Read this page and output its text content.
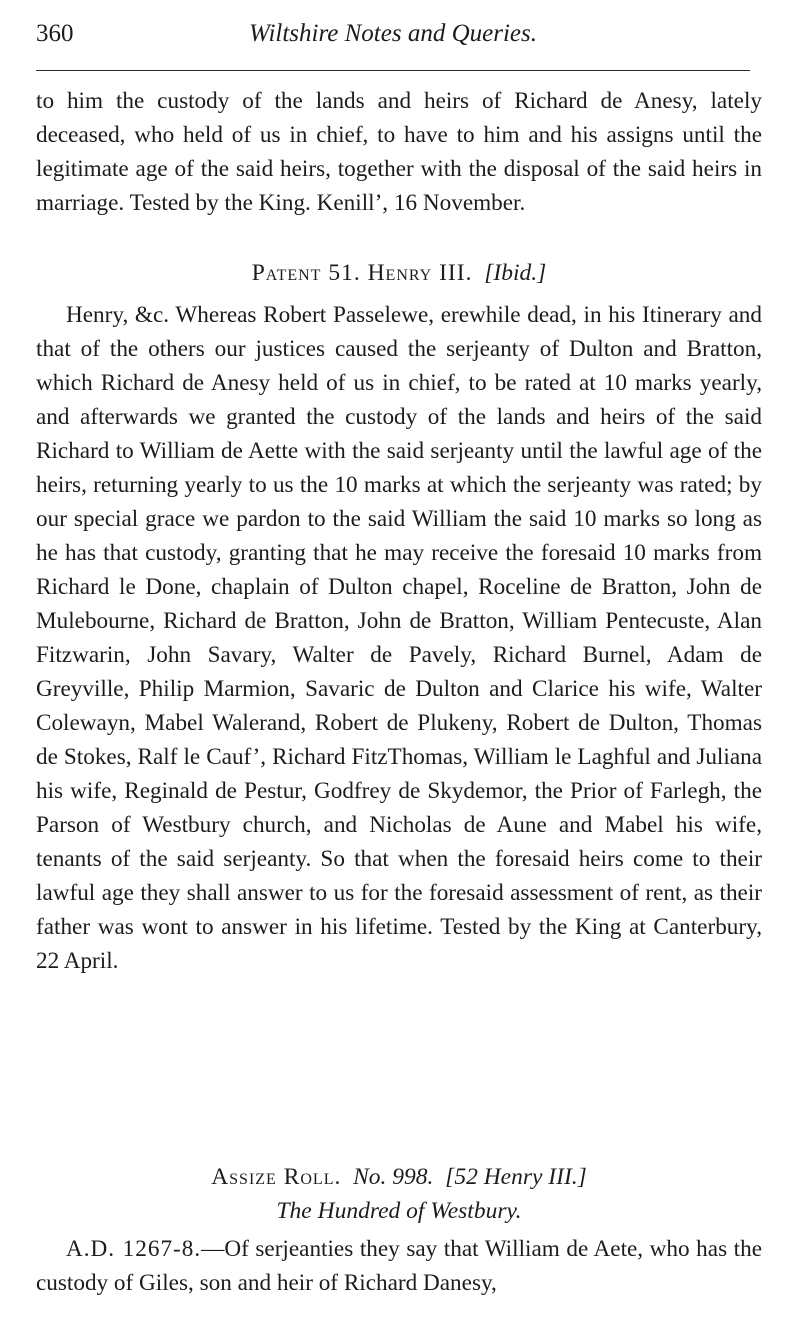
360	Wiltshire Notes and Queries.

to him the custody of the lands and heirs of Richard de Anesy, lately deceased, who held of us in chief, to have to him and his assigns until the legitimate age of the said heirs, together with the disposal of the said heirs in marriage. Tested by the King. Kenill’, 16 November.

Patent 51. Henry III. [Ibid.]

Henry, &c. Whereas Robert Passelewe, erewhile dead, in his Itinerary and that of the others our justices caused the serjeanty of Dulton and Bratton, which Richard de Anesy held of us in chief, to be rated at 10 marks yearly, and afterwards we granted the custody of the lands and heirs of the said Richard to William de Aette with the said serjeanty until the lawful age of the heirs, returning yearly to us the 10 marks at which the serjeanty was rated; by our special grace we pardon to the said William the said 10 marks so long as he has that custody, granting that he may receive the foresaid 10 marks from Richard le Done, chaplain of Dulton chapel, Roceline de Bratton, John de Mulebourne, Richard de Bratton, John de Bratton, William Pentecuste, Alan Fitzwarin, John Savary, Walter de Pavely, Richard Burnel, Adam de Greyville, Philip Marmion, Savaric de Dulton and Clarice his wife, Walter Colewayn, Mabel Walerand, Robert de Plukeny, Robert de Dulton, Thomas de Stokes, Ralf le Cauf’, Richard FitzThomas, William le Laghful and Juliana his wife, Reginald de Pestur, Godfrey de Skydemor, the Prior of Farlegh, the Parson of Westbury church, and Nicholas de Aune and Mabel his wife, tenants of the said serjeanty. So that when the foresaid heirs come to their lawful age they shall answer to us for the foresaid assessment of rent, as their father was wont to answer in his lifetime. Tested by the King at Canterbury, 22 April.

Assize Roll. No. 998. [52 Henry III.]

The Hundred of Westbury.

A.D. 1267-8.—Of serjeanties they say that William de Aete, who has the custody of Giles, son and heir of Richard Danesy,
